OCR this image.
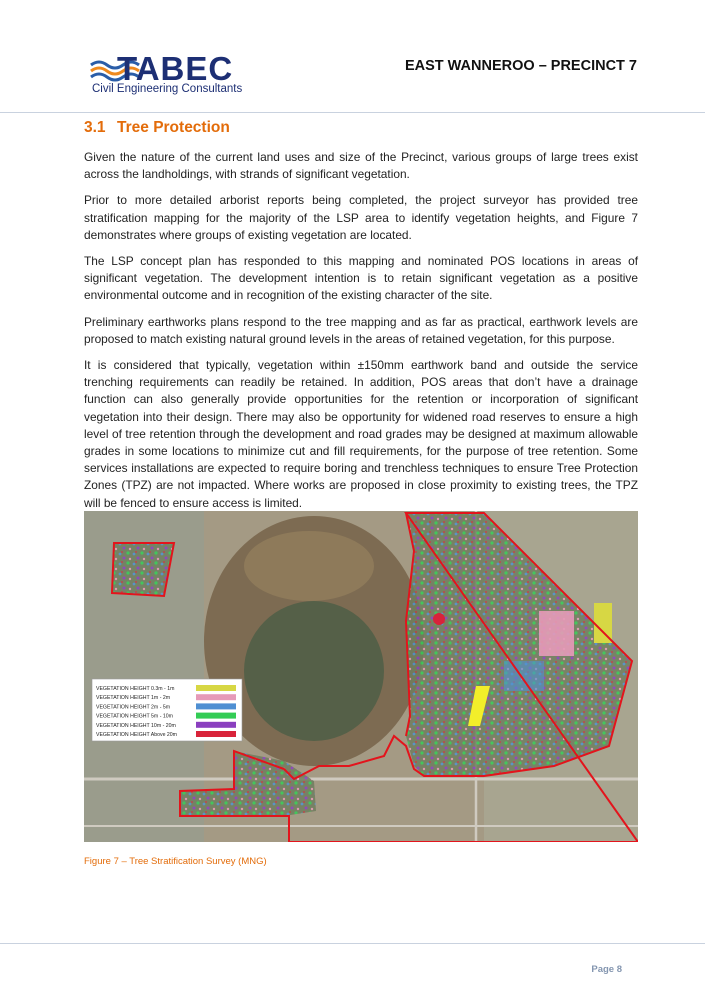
TABEC
Civil Engineering Consultants
EAST WANNEROO – PRECINCT 7
3.1 Tree Protection

Given the nature of the current land uses and size of the Precinct, various groups of large trees exist across the landholdings, with strands of significant vegetation.

Prior to more detailed arborist reports being completed, the project surveyor has provided tree stratification mapping for the majority of the LSP area to identify vegetation heights, and Figure 7 demonstrates where groups of existing vegetation are located.

The LSP concept plan has responded to this mapping and nominated POS locations in areas of significant vegetation. The development intention is to retain significant vegetation as a positive environmental outcome and in recognition of the existing character of the site.

Preliminary earthworks plans respond to the tree mapping and as far as practical, earthwork levels are proposed to match existing natural ground levels in the areas of retained vegetation, for this purpose.

It is considered that typically, vegetation within ±150mm earthwork band and outside the service trenching requirements can readily be retained. In addition, POS areas that don’t have a drainage function can also generally provide opportunities for the retention or incorporation of significant vegetation into their design. There may also be opportunity for widened road reserves to ensure a high level of tree retention through the development and road grades may be designed at maximum allowable grades in some locations to minimize cut and fill requirements, for the purpose of tree retention. Some services installations are expected to require boring and trenchless techniques to ensure Tree Protection Zones (TPZ) are not impacted. Where works are proposed in close proximity to existing trees, the TPZ will be fenced to ensure access is limited.

VEGETATION HEIGHT 0.3m - 1m
VEGETATION HEIGHT 1m - 2m
VEGETATION HEIGHT 2m - 5m
VEGETATION HEIGHT 5m - 10m
VEGETATION HEIGHT 10m - 20m
VEGETATION HEIGHT Above 20m
Figure 7 – Tree Stratification Survey (MNG)
Page 8
